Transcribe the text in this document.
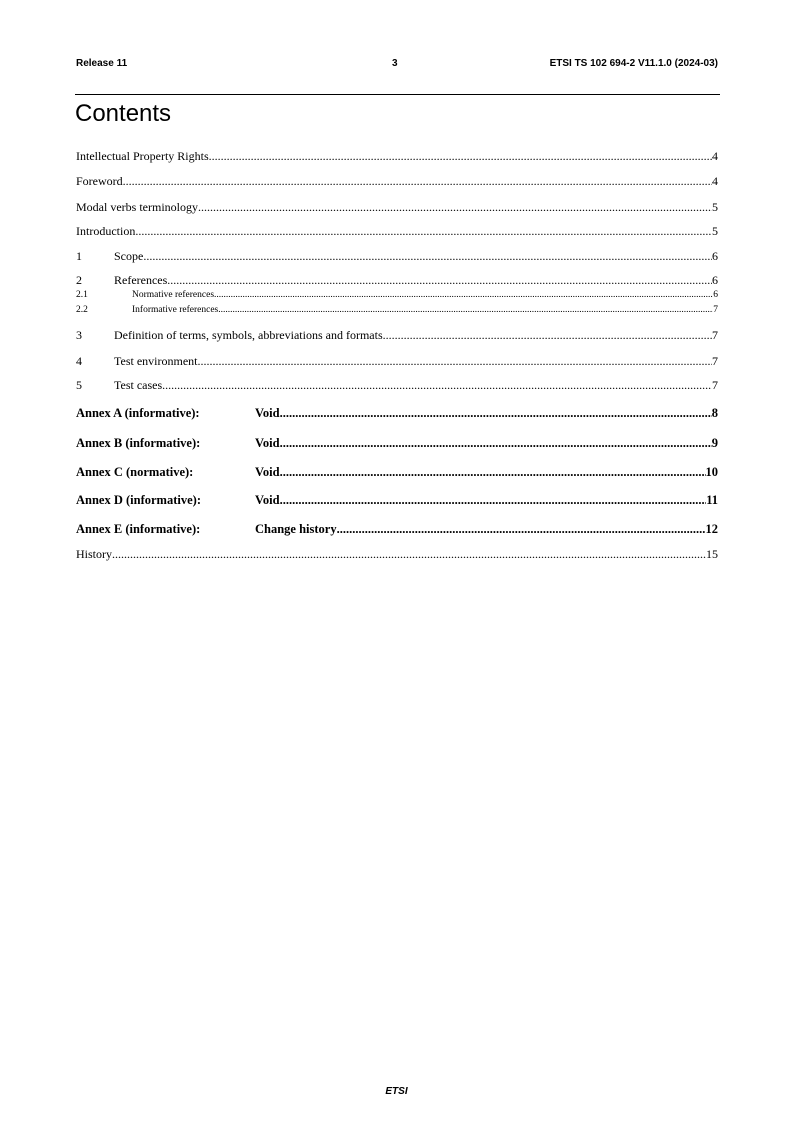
Release 11	3	ETSI TS 102 694-2 V11.1.0 (2024-03)
Contents
Intellectual Property Rights .....	4
Foreword .....	4
Modal verbs terminology .....	5
Introduction .....	5
1	Scope .....	6
2	References .....	6
2.1	Normative references .....	6
2.2	Informative references .....	7
3	Definition of terms, symbols, abbreviations and formats .....	7
4	Test environment .....	7
5	Test cases .....	7
Annex A (informative):	Void .....	8
Annex B (informative):	Void .....	9
Annex C (normative):	Void .....	10
Annex D (informative):	Void .....	11
Annex E (informative):	Change history .....	12
History .....	15
ETSI
